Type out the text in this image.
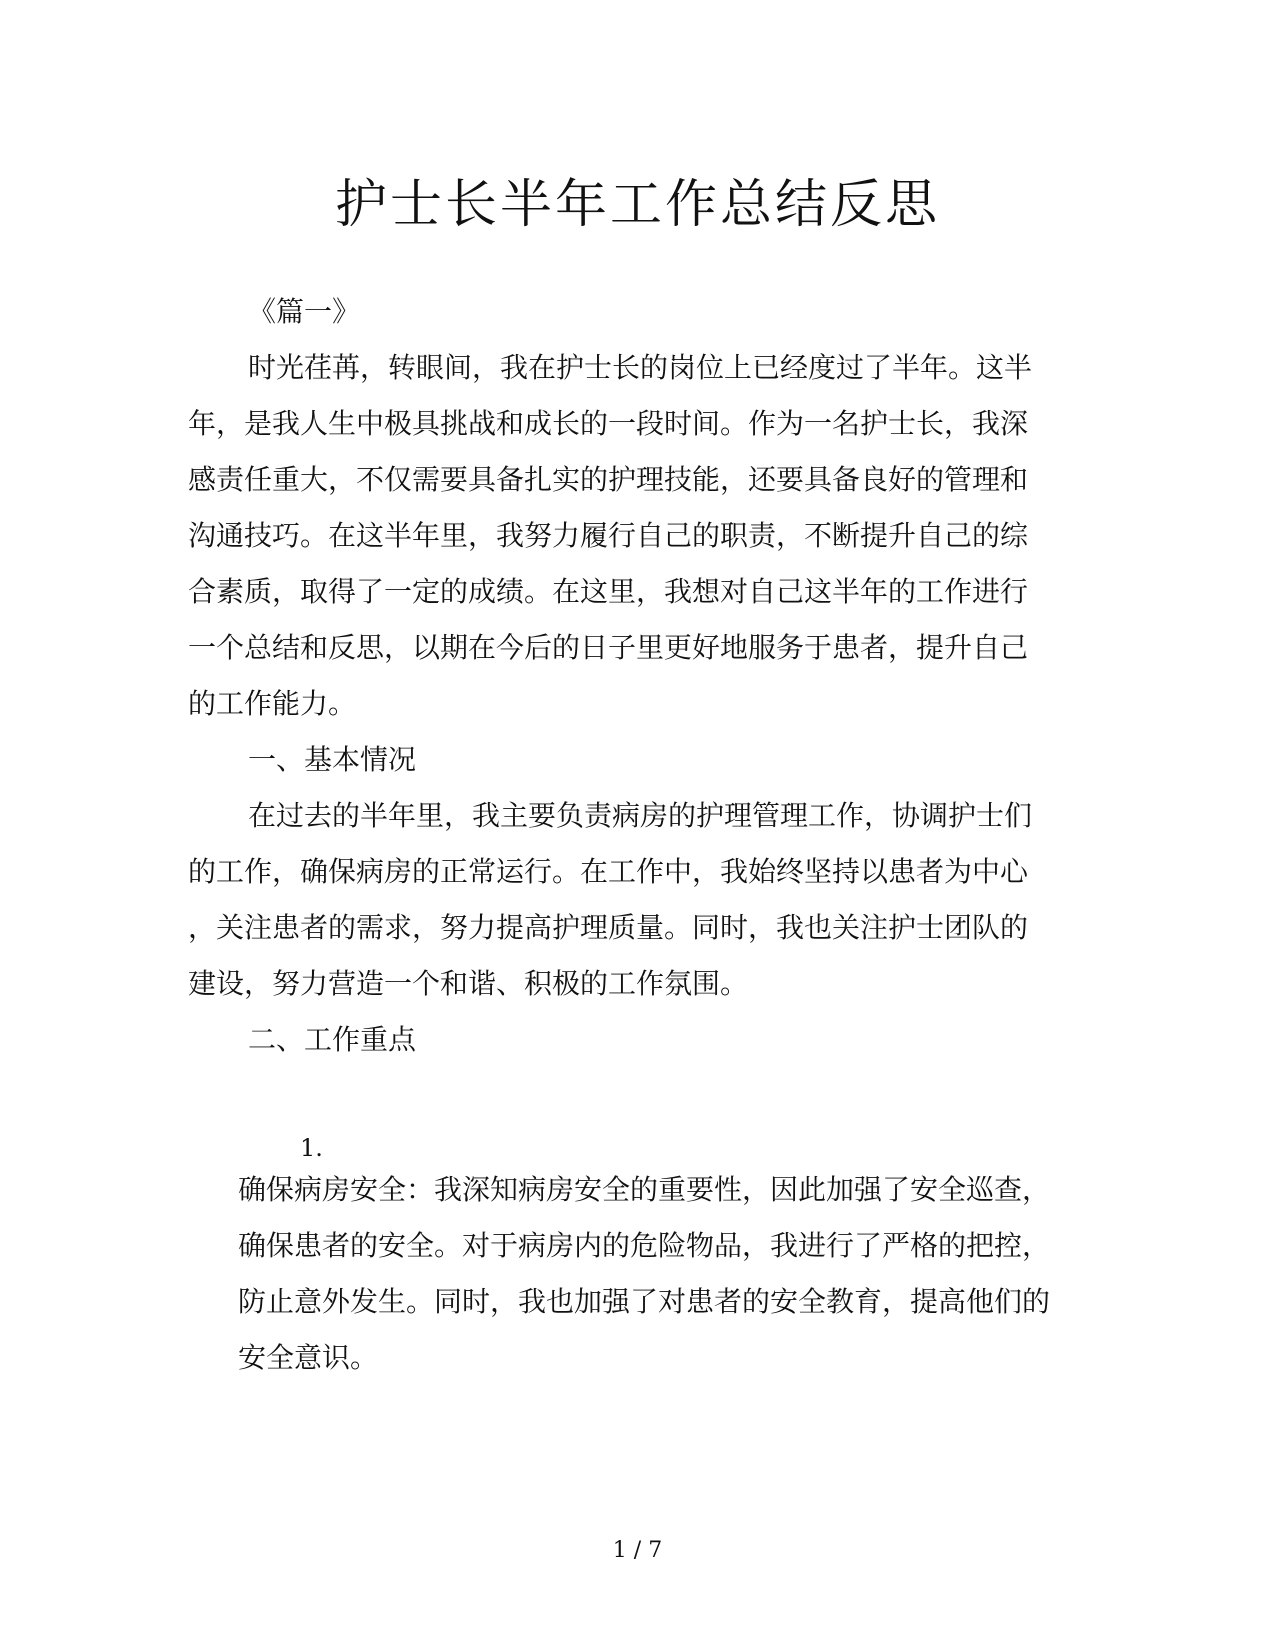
护士长半年工作总结反思
《篇一》
时光荏苒，转眼间，我在护士长的岗位上已经度过了半年。这半
年，是我人生中极具挑战和成长的一段时间。作为一名护士长，我深
感责任重大，不仅需要具备扎实的护理技能，还要具备良好的管理和
沟通技巧。在这半年里，我努力履行自己的职责，不断提升自己的综
合素质，取得了一定的成绩。在这里，我想对自己这半年的工作进行
一个总结和反思，以期在今后的日子里更好地服务于患者，提升自己
的工作能力。
一、基本情况
在过去的半年里，我主要负责病房的护理管理工作，协调护士们
的工作，确保病房的正常运行。在工作中，我始终坚持以患者为中心
，关注患者的需求，努力提高护理质量。同时，我也关注护士团队的
建设，努力营造一个和谐、积极的工作氛围。
二、工作重点
1.
确保病房安全：我深知病房安全的重要性，因此加强了安全巡查，
确保患者的安全。对于病房内的危险物品，我进行了严格的把控，
防止意外发生。同时，我也加强了对患者的安全教育，提高他们的
安全意识。
1 / 7
